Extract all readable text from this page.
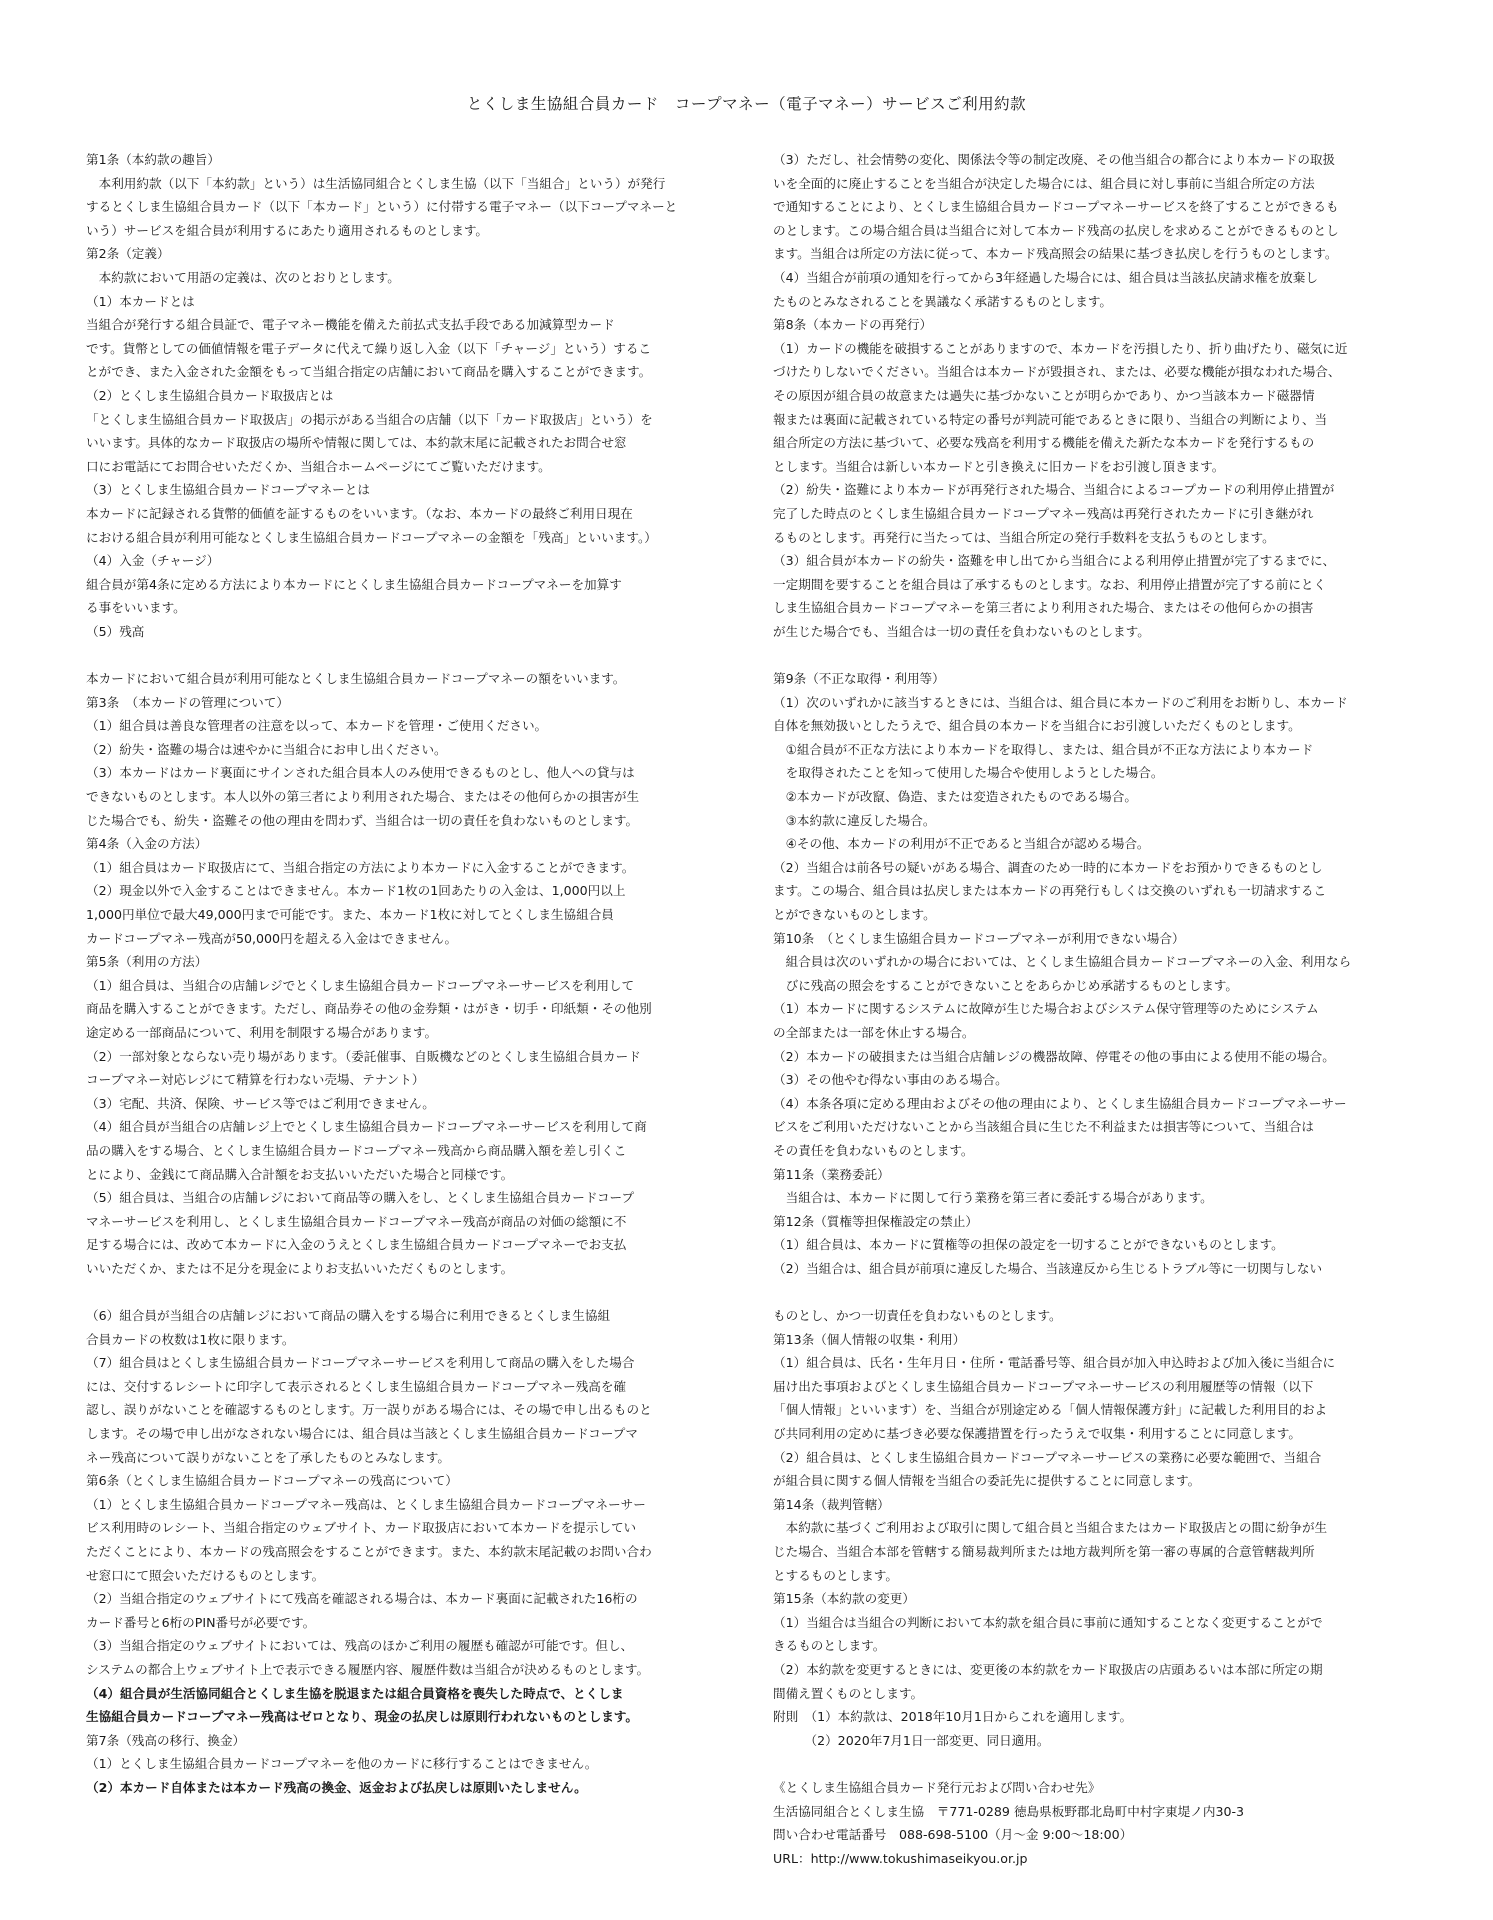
とくしま生協組合員カード　コープマネー（電子マネー）サービスご利用約款

第1条（本約款の趣旨）

　本利用約款（以下「本約款」という）は生活協同組合とくしま生協（以下「当組合」という）が発行

するとくしま生協組合員カード（以下「本カード」という）に付帯する電子マネー（以下コープマネーと

いう）サービスを組合員が利用するにあたり適用されるものとします。

第2条（定義）

　本約款において用語の定義は、次のとおりとします。

（1）本カードとは

当組合が発行する組合員証で、電子マネー機能を備えた前払式支払手段である加減算型カード

です。貨幣としての価値情報を電子データに代えて繰り返し入金（以下「チャージ」という）するこ

とができ、また入金された金額をもって当組合指定の店舗において商品を購入することができます。

（2）とくしま生協組合員カード取扱店とは

「とくしま生協組合員カード取扱店」の掲示がある当組合の店舗（以下「カード取扱店」という）を

いいます。具体的なカード取扱店の場所や情報に関しては、本約款末尾に記載されたお問合せ窓

口にお電話にてお問合せいただくか、当組合ホームページにてご覧いただけます。

（3）とくしま生協組合員カードコープマネーとは

本カードに記録される貨幣的価値を証するものをいいます。（なお、本カードの最終ご利用日現在

における組合員が利用可能なとくしま生協組合員カードコープマネーの金額を「残高」といいます。）

（4）入金（チャージ）

組合員が第4条に定める方法により本カードにとくしま生協組合員カードコープマネーを加算す

る事をいいます。

（5）残高

本カードにおいて組合員が利用可能なとくしま生協組合員カードコープマネーの額をいいます。

第3条　（本カードの管理について）

（1）組合員は善良な管理者の注意を以って、本カードを管理・ご使用ください。

（2）紛失・盗難の場合は速やかに当組合にお申し出ください。

（3）本カードはカード裏面にサインされた組合員本人のみ使用できるものとし、他人への貸与は

できないものとします。本人以外の第三者により利用された場合、またはその他何らかの損害が生

じた場合でも、紛失・盗難その他の理由を問わず、当組合は一切の責任を負わないものとします。

第4条（入金の方法）

（1）組合員はカード取扱店にて、当組合指定の方法により本カードに入金することができます。

（2）現金以外で入金することはできません。本カード1枚の1回あたりの入金は、1,000円以上

1,000円単位で最大49,000円まで可能です。また、本カード1枚に対してとくしま生協組合員

カードコープマネー残高が50,000円を超える入金はできません。

第5条（利用の方法）

（1）組合員は、当組合の店舗レジでとくしま生協組合員カードコープマネーサービスを利用して

商品を購入することができます。ただし、商品券その他の金券類・はがき・切手・印紙類・その他別

途定める一部商品について、利用を制限する場合があります。

（2）一部対象とならない売り場があります。（委託催事、自販機などのとくしま生協組合員カード

コープマネー対応レジにて精算を行わない売場、テナント）

（3）宅配、共済、保険、サービス等ではご利用できません。

（4）組合員が当組合の店舗レジ上でとくしま生協組合員カードコープマネーサービスを利用して商

品の購入をする場合、とくしま生協組合員カードコープマネー残高から商品購入額を差し引くこ

とにより、金銭にて商品購入合計額をお支払いいただいた場合と同様です。

（5）組合員は、当組合の店舗レジにおいて商品等の購入をし、とくしま生協組合員カードコープ

マネーサービスを利用し、とくしま生協組合員カードコープマネー残高が商品の対価の総額に不

足する場合には、改めて本カードに入金のうえとくしま生協組合員カードコープマネーでお支払

いいただくか、または不足分を現金によりお支払いいただくものとします。

（6）組合員が当組合の店舗レジにおいて商品の購入をする場合に利用できるとくしま生協組

合員カードの枚数は1枚に限ります。

（7）組合員はとくしま生協組合員カードコープマネーサービスを利用して商品の購入をした場合

には、交付するレシートに印字して表示されるとくしま生協組合員カードコープマネー残高を確

認し、誤りがないことを確認するものとします。万一誤りがある場合には、その場で申し出るものと

します。その場で申し出がなされない場合には、組合員は当該とくしま生協組合員カードコープマ

ネー残高について誤りがないことを了承したものとみなします。

第6条（とくしま生協組合員カードコープマネーの残高について）

（1）とくしま生協組合員カードコープマネー残高は、とくしま生協組合員カードコープマネーサー

ビス利用時のレシート、当組合指定のウェブサイト、カード取扱店において本カードを提示してい

ただくことにより、本カードの残高照会をすることができます。また、本約款末尾記載のお問い合わ

せ窓口にて照会いただけるものとします。

（2）当組合指定のウェブサイトにて残高を確認される場合は、本カード裏面に記載された16桁の

カード番号と6桁のPIN番号が必要です。

（3）当組合指定のウェブサイトにおいては、残高のほかご利用の履歴も確認が可能です。但し、

システムの都合上ウェブサイト上で表示できる履歴内容、履歴件数は当組合が決めるものとします。

（4）組合員が生活協同組合とくしま生協を脱退または組合員資格を喪失した時点で、とくしま

生協組合員カードコープマネー残高はゼロとなり、現金の払戻しは原則行われないものとします。

第7条（残高の移行、換金）

（1）とくしま生協組合員カードコープマネーを他のカードに移行することはできません。

（2）本カード自体または本カード残高の換金、返金および払戻しは原則いたしません。

（3）ただし、社会情勢の変化、関係法令等の制定改廃、その他当組合の都合により本カードの取扱

いを全面的に廃止することを当組合が決定した場合には、組合員に対し事前に当組合所定の方法

で通知することにより、とくしま生協組合員カードコープマネーサービスを終了することができるも

のとします。この場合組合員は当組合に対して本カード残高の払戻しを求めることができるものとし

ます。当組合は所定の方法に従って、本カード残高照会の結果に基づき払戻しを行うものとします。

（4）当組合が前項の通知を行ってから3年経過した場合には、組合員は当該払戻請求権を放棄し

たものとみなされることを異議なく承諾するものとします。

第8条（本カードの再発行）

（1）カードの機能を破損することがありますので、本カードを汚損したり、折り曲げたり、磁気に近

づけたりしないでください。当組合は本カードが毀損され、または、必要な機能が損なわれた場合、

その原因が組合員の故意または過失に基づかないことが明らかであり、かつ当該本カード磁器情

報または裏面に記載されている特定の番号が判読可能であるときに限り、当組合の判断により、当

組合所定の方法に基づいて、必要な残高を利用する機能を備えた新たな本カードを発行するもの

とします。当組合は新しい本カードと引き換えに旧カードをお引渡し頂きます。

（2）紛失・盗難により本カードが再発行された場合、当組合によるコープカードの利用停止措置が

完了した時点のとくしま生協組合員カードコープマネー残高は再発行されたカードに引き継がれ

るものとします。再発行に当たっては、当組合所定の発行手数料を支払うものとします。

（3）組合員が本カードの紛失・盗難を申し出てから当組合による利用停止措置が完了するまでに、

一定期間を要することを組合員は了承するものとします。なお、利用停止措置が完了する前にとく

しま生協組合員カードコープマネーを第三者により利用された場合、またはその他何らかの損害

が生じた場合でも、当組合は一切の責任を負わないものとします。

第9条（不正な取得・利用等）

（1）次のいずれかに該当するときには、当組合は、組合員に本カードのご利用をお断りし、本カード

自体を無効扱いとしたうえで、組合員の本カードを当組合にお引渡しいただくものとします。

　①組合員が不正な方法により本カードを取得し、または、組合員が不正な方法により本カード

　を取得されたことを知って使用した場合や使用しようとした場合。

　②本カードが改竄、偽造、または変造されたものである場合。

　③本約款に違反した場合。

　④その他、本カードの利用が不正であると当組合が認める場合。

（2）当組合は前各号の疑いがある場合、調査のため一時的に本カードをお預かりできるものとし

ます。この場合、組合員は払戻しまたは本カードの再発行もしくは交換のいずれも一切請求するこ

とができないものとします。

第10条　（とくしま生協組合員カードコープマネーが利用できない場合）

　組合員は次のいずれかの場合においては、とくしま生協組合員カードコープマネーの入金、利用なら

　びに残高の照会をすることができないことをあらかじめ承諾するものとします。

（1）本カードに関するシステムに故障が生じた場合およびシステム保守管理等のためにシステム

の全部または一部を休止する場合。

（2）本カードの破損または当組合店舗レジの機器故障、停電その他の事由による使用不能の場合。

（3）その他やむ得ない事由のある場合。

（4）本条各項に定める理由およびその他の理由により、とくしま生協組合員カードコープマネーサー

ビスをご利用いただけないことから当該組合員に生じた不利益または損害等について、当組合は

その責任を負わないものとします。

第11条（業務委託）

　当組合は、本カードに関して行う業務を第三者に委託する場合があります。

第12条（質権等担保権設定の禁止）

（1）組合員は、本カードに質権等の担保の設定を一切することができないものとします。

（2）当組合は、組合員が前項に違反した場合、当該違反から生じるトラブル等に一切関与しない

ものとし、かつ一切責任を負わないものとします。

第13条（個人情報の収集・利用）

（1）組合員は、氏名・生年月日・住所・電話番号等、組合員が加入申込時および加入後に当組合に

届け出た事項およびとくしま生協組合員カードコープマネーサービスの利用履歴等の情報（以下

「個人情報」といいます）を、当組合が別途定める「個人情報保護方針」に記載した利用目的およ

び共同利用の定めに基づき必要な保護措置を行ったうえで収集・利用することに同意します。

（2）組合員は、とくしま生協組合員カードコープマネーサービスの業務に必要な範囲で、当組合

が組合員に関する個人情報を当組合の委託先に提供することに同意します。

第14条（裁判管轄）

　本約款に基づくご利用および取引に関して組合員と当組合またはカード取扱店との間に紛争が生

じた場合、当組合本部を管轄する簡易裁判所または地方裁判所を第一審の専属的合意管轄裁判所

とするものとします。

第15条（本約款の変更）

（1）当組合は当組合の判断において本約款を組合員に事前に通知することなく変更することがで

きるものとします。

（2）本約款を変更するときには、変更後の本約款をカード取扱店の店頭あるいは本部に所定の期

間備え置くものとします。

附則　（1）本約款は、2018年10月1日からこれを適用します。

　　　（2）2020年7月1日一部変更、同日適用。

《とくしま生協組合員カード発行元および問い合わせ先》

生活協同組合とくしま生協　〒771-0289 徳島県板野郡北島町中村字東堤ノ内30-3

問い合わせ電話番号　088-698-5100（月〜金 9:00〜18:00）

URL：http://www.tokushimaseikyou.or.jp
